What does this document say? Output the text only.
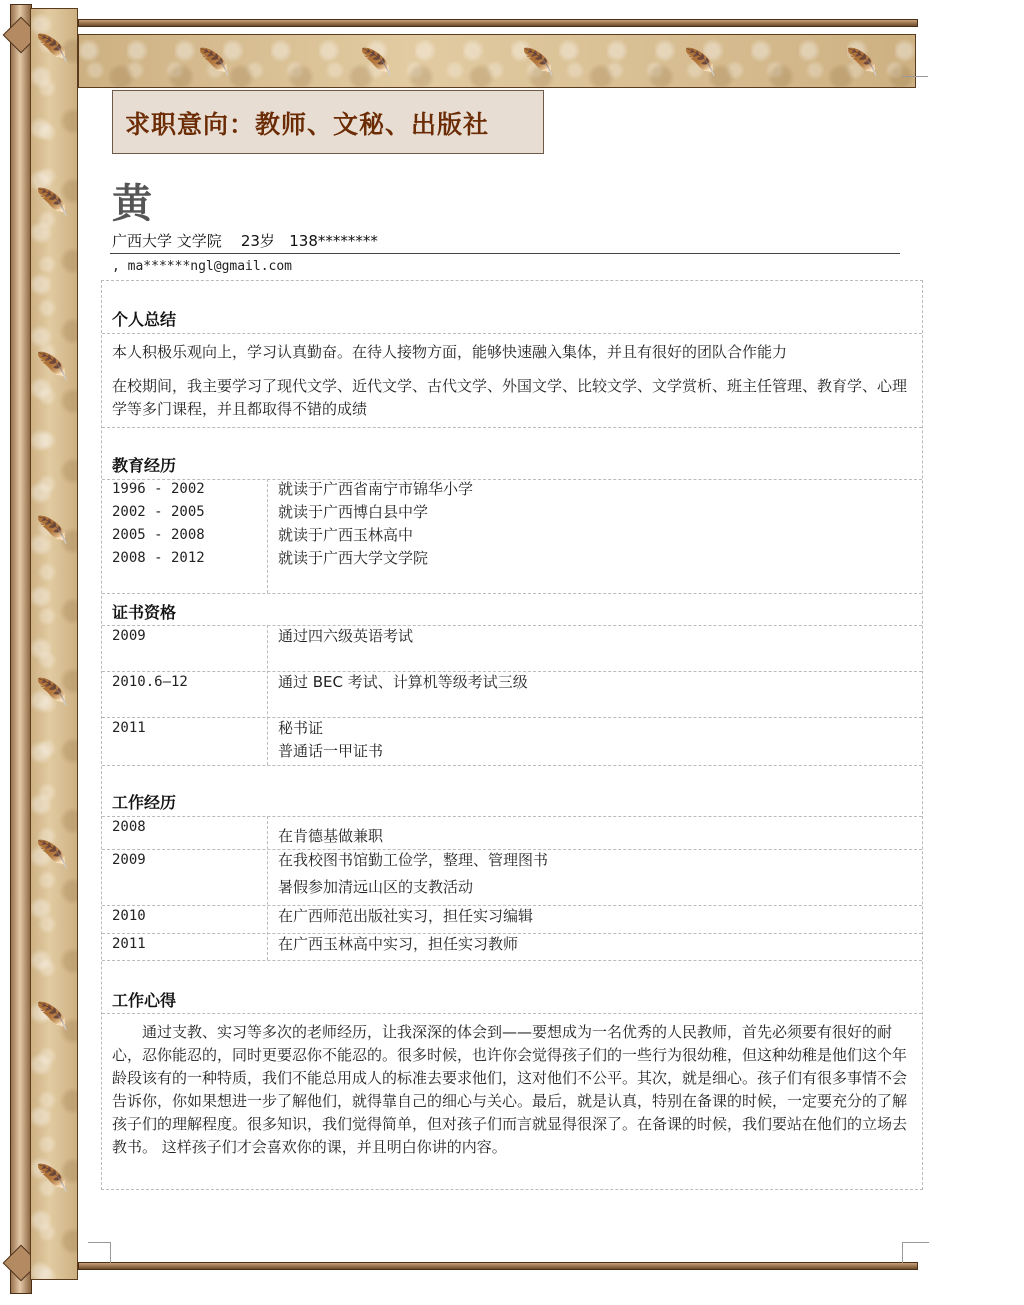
🪶
🪶
🪶
🪶
🪶
🪶
🪶
🪶
🪶	🪶	🪶	🪶	🪶
求职意向：教师、文秘、出版社
黄
广西大学 文学院    23岁   138********
, ma******ngl@gmail.com
个人总结
本人积极乐观向上，学习认真勤奋。在待人接物方面，能够快速融入集体，并且有很好的团队合作能力
在校期间，我主要学习了现代文学、近代文学、古代文学、外国文学、比较文学、文学赏析、班主任管理、教育学、心理学等多门课程，并且都取得不错的成绩
教育经历
1996 - 2002	就读于广西省南宁市锦华小学
2002 - 2005	就读于广西博白县中学
2005 - 2008	就读于广西玉林高中
2008 - 2012	就读于广西大学文学院
证书资格
2009	通过四六级英语考试
2010.6—12	通过 BEC 考试、计算机等级考试三级
2011	秘书证
普通话一甲证书
工作经历
2008	在肯德基做兼职
2009	在我校图书馆勤工俭学，整理、管理图书
暑假参加清远山区的支教活动
2010	在广西师范出版社实习，担任实习编辑
2011	在广西玉林高中实习，担任实习教师
工作心得
通过支教、实习等多次的老师经历，让我深深的体会到——要想成为一名优秀的人民教师，首先必须要有很好的耐心，忍你能忍的，同时更要忍你不能忍的。很多时候，也许你会觉得孩子们的一些行为很幼稚，但这种幼稚是他们这个年龄段该有的一种特质，我们不能总用成人的标准去要求他们，这对他们不公平。其次，就是细心。孩子们有很多事情不会告诉你，你如果想进一步了解他们，就得靠自己的细心与关心。最后，就是认真，特别在备课的时候，一定要充分的了解孩子们的理解程度。很多知识，我们觉得简单，但对孩子们而言就显得很深了。在备课的时候，我们要站在他们的立场去教书。 这样孩子们才会喜欢你的课，并且明白你讲的内容。
